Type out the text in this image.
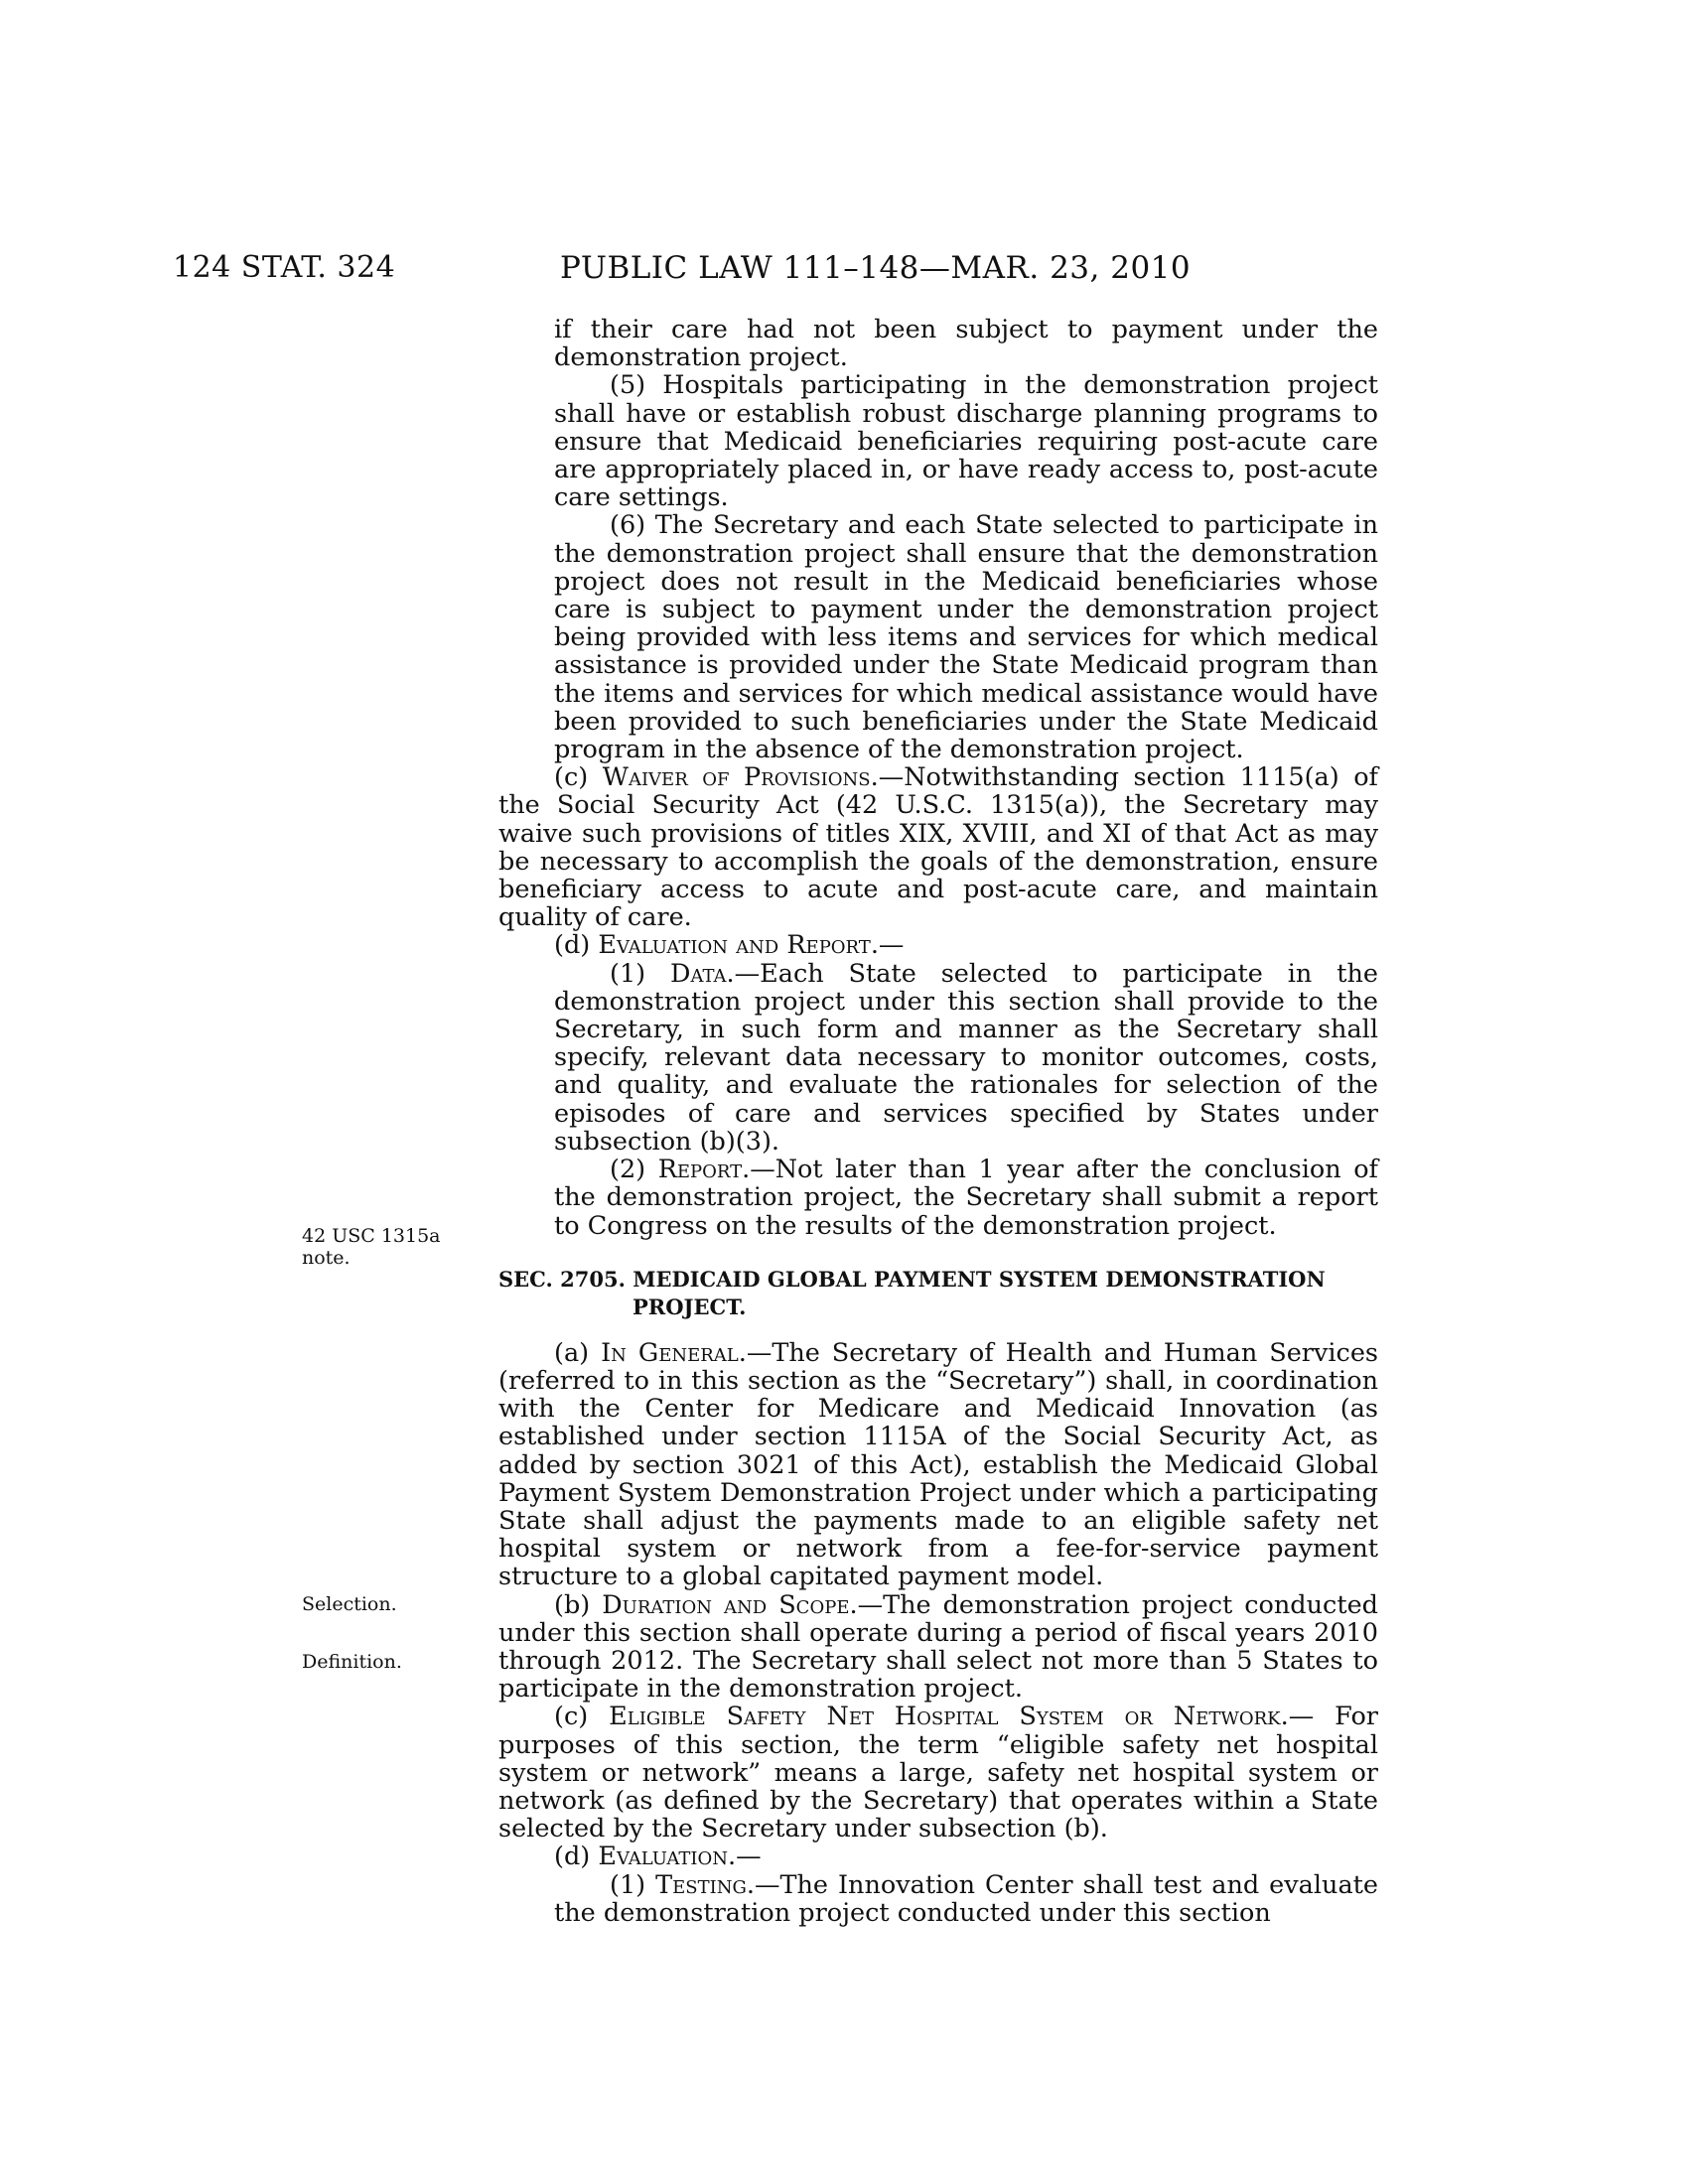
124 STAT. 324	PUBLIC LAW 111–148—MAR. 23, 2010
42 USC 1315a
note.
Selection.
Definition.

if their care had not been subject to payment under the demonstration project.

(5) Hospitals participating in the demonstration project shall have or establish robust discharge planning programs to ensure that Medicaid beneficiaries requiring post-acute care are appropriately placed in, or have ready access to, post-acute care settings.

(6) The Secretary and each State selected to participate in the demonstration project shall ensure that the demonstration project does not result in the Medicaid beneficiaries whose care is subject to payment under the demonstration project being provided with less items and services for which medical assistance is provided under the State Medicaid program than the items and services for which medical assistance would have been provided to such beneficiaries under the State Medicaid program in the absence of the demonstration project.

(c) Waiver of Provisions.—Notwithstanding section 1115(a) of the Social Security Act (42 U.S.C. 1315(a)), the Secretary may waive such provisions of titles XIX, XVIII, and XI of that Act as may be necessary to accomplish the goals of the demonstration, ensure beneficiary access to acute and post-acute care, and maintain quality of care.

(d) Evaluation and Report.—

(1) Data.—Each State selected to participate in the demonstration project under this section shall provide to the Secretary, in such form and manner as the Secretary shall specify, relevant data necessary to monitor outcomes, costs, and quality, and evaluate the rationales for selection of the episodes of care and services specified by States under subsection (b)(3).

(2) Report.—Not later than 1 year after the conclusion of the demonstration project, the Secretary shall submit a report to Congress on the results of the demonstration project.

SEC. 2705. MEDICAID GLOBAL PAYMENT SYSTEM DEMONSTRATION
PROJECT.

(a) In General.—The Secretary of Health and Human Services (referred to in this section as the “Secretary”) shall, in coordination with the Center for Medicare and Medicaid Innovation (as established under section 1115A of the Social Security Act, as added by section 3021 of this Act), establish the Medicaid Global Payment System Demonstration Project under which a participating State shall adjust the payments made to an eligible safety net hospital system or network from a fee-for-service payment structure to a global capitated payment model.

(b) Duration and Scope.—The demonstration project conducted under this section shall operate during a period of fiscal years 2010 through 2012. The Secretary shall select not more than 5 States to participate in the demonstration project.

(c) Eligible Safety Net Hospital System or Network.— For purposes of this section, the term “eligible safety net hospital system or network” means a large, safety net hospital system or network (as defined by the Secretary) that operates within a State selected by the Secretary under subsection (b).

(d) Evaluation.—

(1) Testing.—The Innovation Center shall test and evaluate the demonstration project conducted under this section
